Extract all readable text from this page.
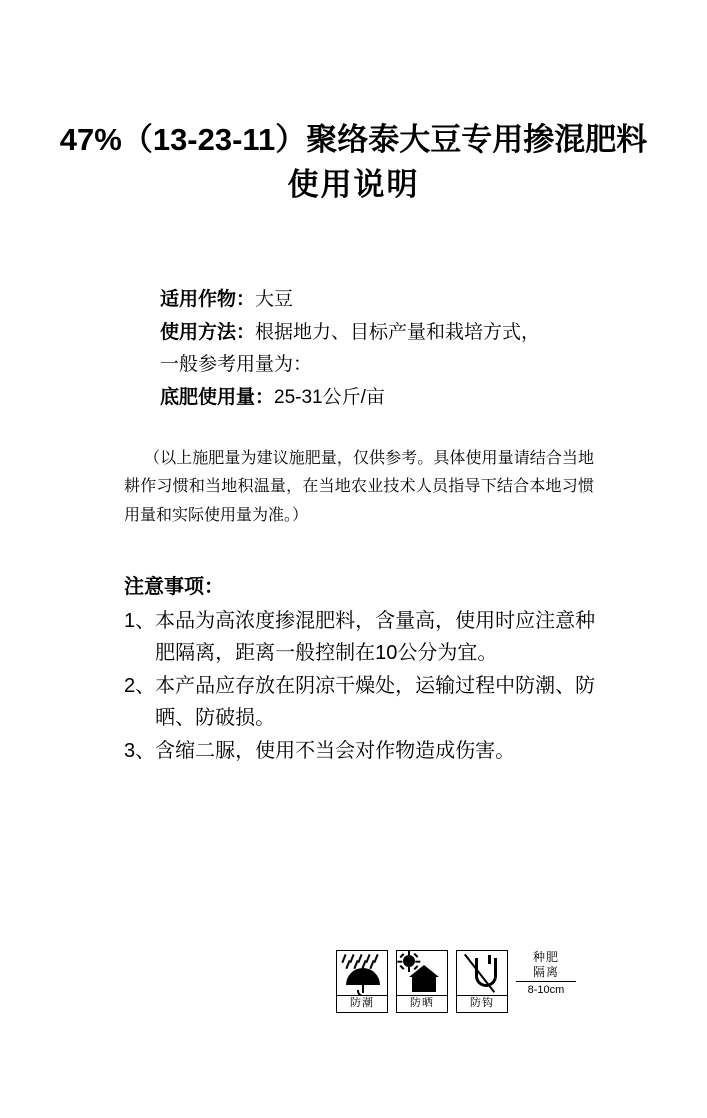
47%（13-23-11）聚络泰大豆专用掺混肥料
使用说明
适用作物：大豆
使用方法：根据地力、目标产量和栽培方式，
一般参考用量为：
底肥使用量：25-31公斤/亩
（以上施肥量为建议施肥量，仅供参考。具体使用量请结合当地耕作习惯和当地积温量，在当地农业技术人员指导下结合本地习惯用量和实际使用量为准。）
注意事项：
1、 本品为高浓度掺混肥料，含量高，使用时应注意种肥隔离，距离一般控制在10公分为宜。
2、 本产品应存放在阴凉干燥处，运输过程中防潮、防晒、防破损。
3、 含缩二脲，使用不当会对作物造成伤害。
防潮	防晒	防钩
种肥
隔离
8-10cm
